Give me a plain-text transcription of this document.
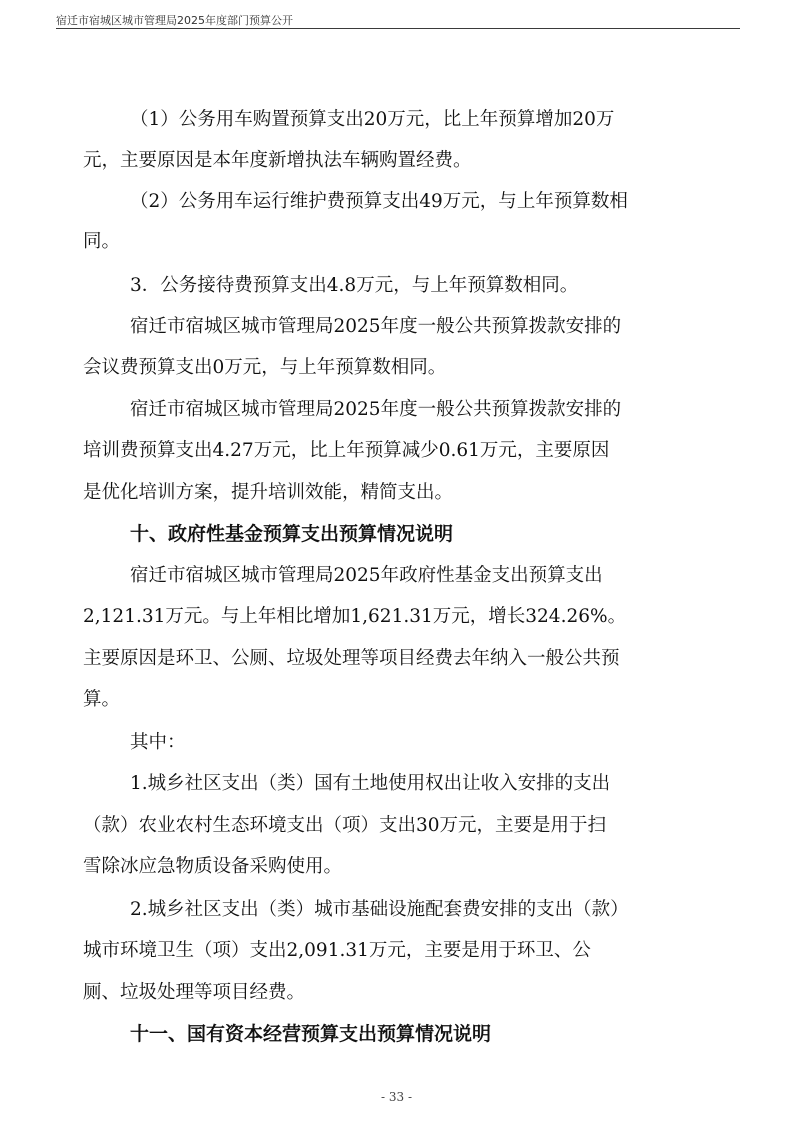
宿迁市宿城区城市管理局2025年度部门预算公开
（1）公务用车购置预算支出20万元，比上年预算增加20万
元，主要原因是本年度新增执法车辆购置经费。
（2）公务用车运行维护费预算支出49万元，与上年预算数相
同。
3．公务接待费预算支出4.8万元，与上年预算数相同。
宿迁市宿城区城市管理局2025年度一般公共预算拨款安排的
会议费预算支出0万元，与上年预算数相同。
宿迁市宿城区城市管理局2025年度一般公共预算拨款安排的
培训费预算支出4.27万元，比上年预算减少0.61万元，主要原因
是优化培训方案，提升培训效能，精简支出。
十、政府性基金预算支出预算情况说明
宿迁市宿城区城市管理局2025年政府性基金支出预算支出
2,121.31万元。与上年相比增加1,621.31万元，增长324.26%。
主要原因是环卫、公厕、垃圾处理等项目经费去年纳入一般公共预
算。
其中：
1.城乡社区支出（类）国有土地使用权出让收入安排的支出
（款）农业农村生态环境支出（项）支出30万元，主要是用于扫
雪除冰应急物质设备采购使用。
2.城乡社区支出（类）城市基础设施配套费安排的支出（款）
城市环境卫生（项）支出2,091.31万元，主要是用于环卫、公
厕、垃圾处理等项目经费。
十一、国有资本经营预算支出预算情况说明
- 33 -
